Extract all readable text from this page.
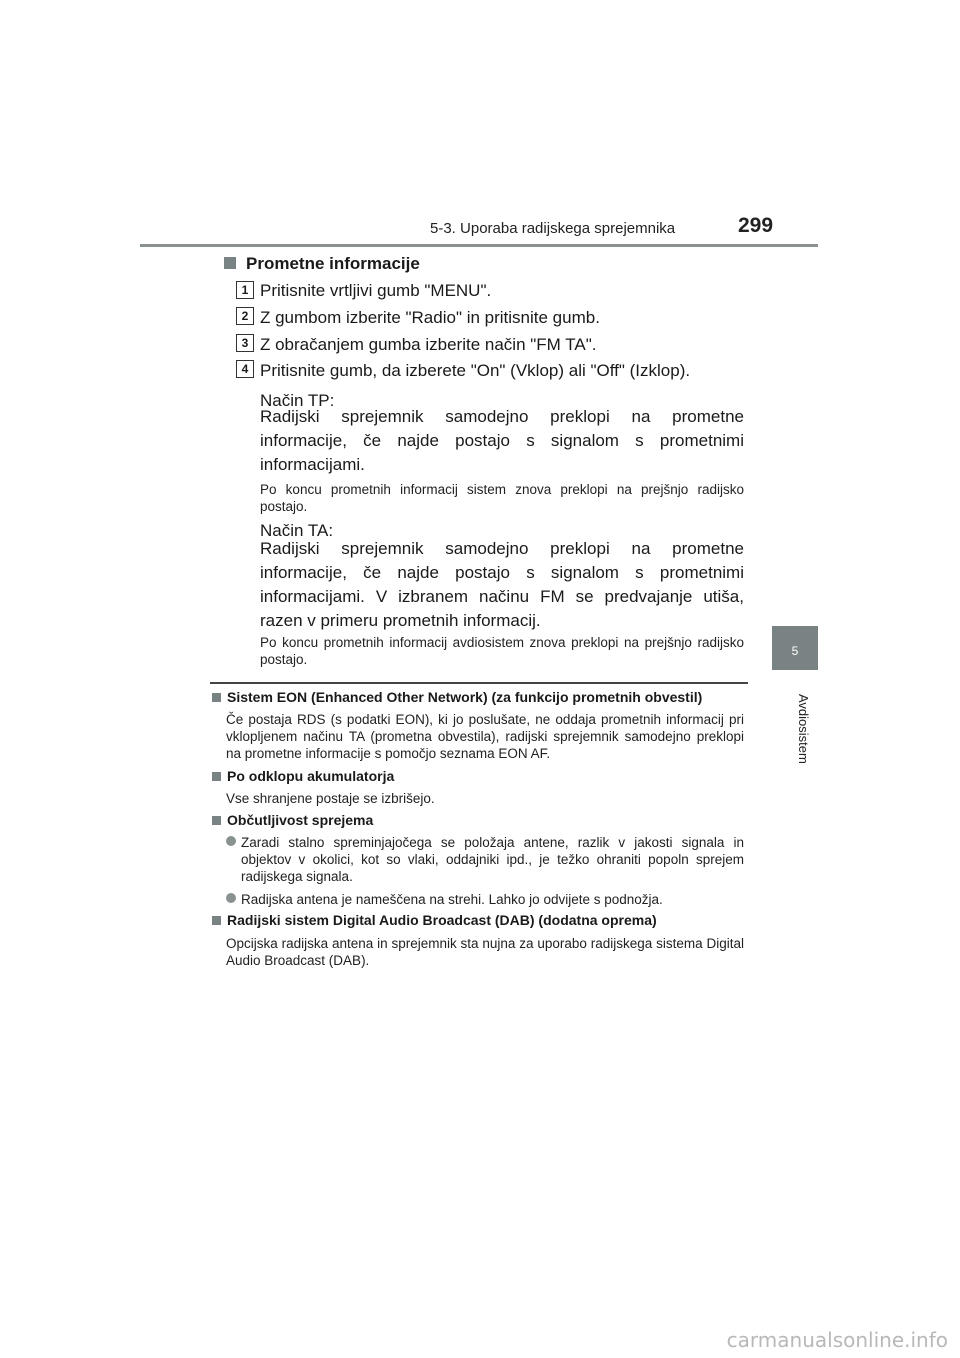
5-3. Uporaba radijskega sprejemnika	299
5
Avdiosistem
Prometne informacije
1 Pritisnite vrtljivi gumb "MENU".
2 Z gumbom izberite "Radio" in pritisnite gumb.
3 Z obračanjem gumba izberite način "FM TA".
4 Pritisnite gumb, da izberete "On" (Vklop) ali "Off" (Izklop).
Način TP:
Radijski sprejemnik samodejno preklopi na prometne informacije, če najde postajo s signalom s prometnimi informacijami.
Po koncu prometnih informacij sistem znova preklopi na prejšnjo radijsko postajo.
Način TA:
Radijski sprejemnik samodejno preklopi na prometne informacije, če najde postajo s signalom s prometnimi informacijami. V izbranem načinu FM se predvajanje utiša, razen v primeru prometnih informacij.
Po koncu prometnih informacij avdiosistem znova preklopi na prejšnjo radijsko postajo.
Sistem EON (Enhanced Other Network) (za funkcijo prometnih obvestil)
Če postaja RDS (s podatki EON), ki jo poslušate, ne oddaja prometnih informacij pri vklopljenem načinu TA (prometna obvestila), radijski sprejemnik samodejno preklopi na prometne informacije s pomočjo seznama EON AF.
Po odklopu akumulatorja
Vse shranjene postaje se izbrišejo.
Občutljivost sprejema
Zaradi stalno spreminjajočega se položaja antene, razlik v jakosti signala in objektov v okolici, kot so vlaki, oddajniki ipd., je težko ohraniti popoln sprejem radijskega signala.
Radijska antena je nameščena na strehi. Lahko jo odvijete s podnožja.
Radijski sistem Digital Audio Broadcast (DAB) (dodatna oprema)
Opcijska radijska antena in sprejemnik sta nujna za uporabo radijskega sistema Digital Audio Broadcast (DAB).
carmanualsonline.info
